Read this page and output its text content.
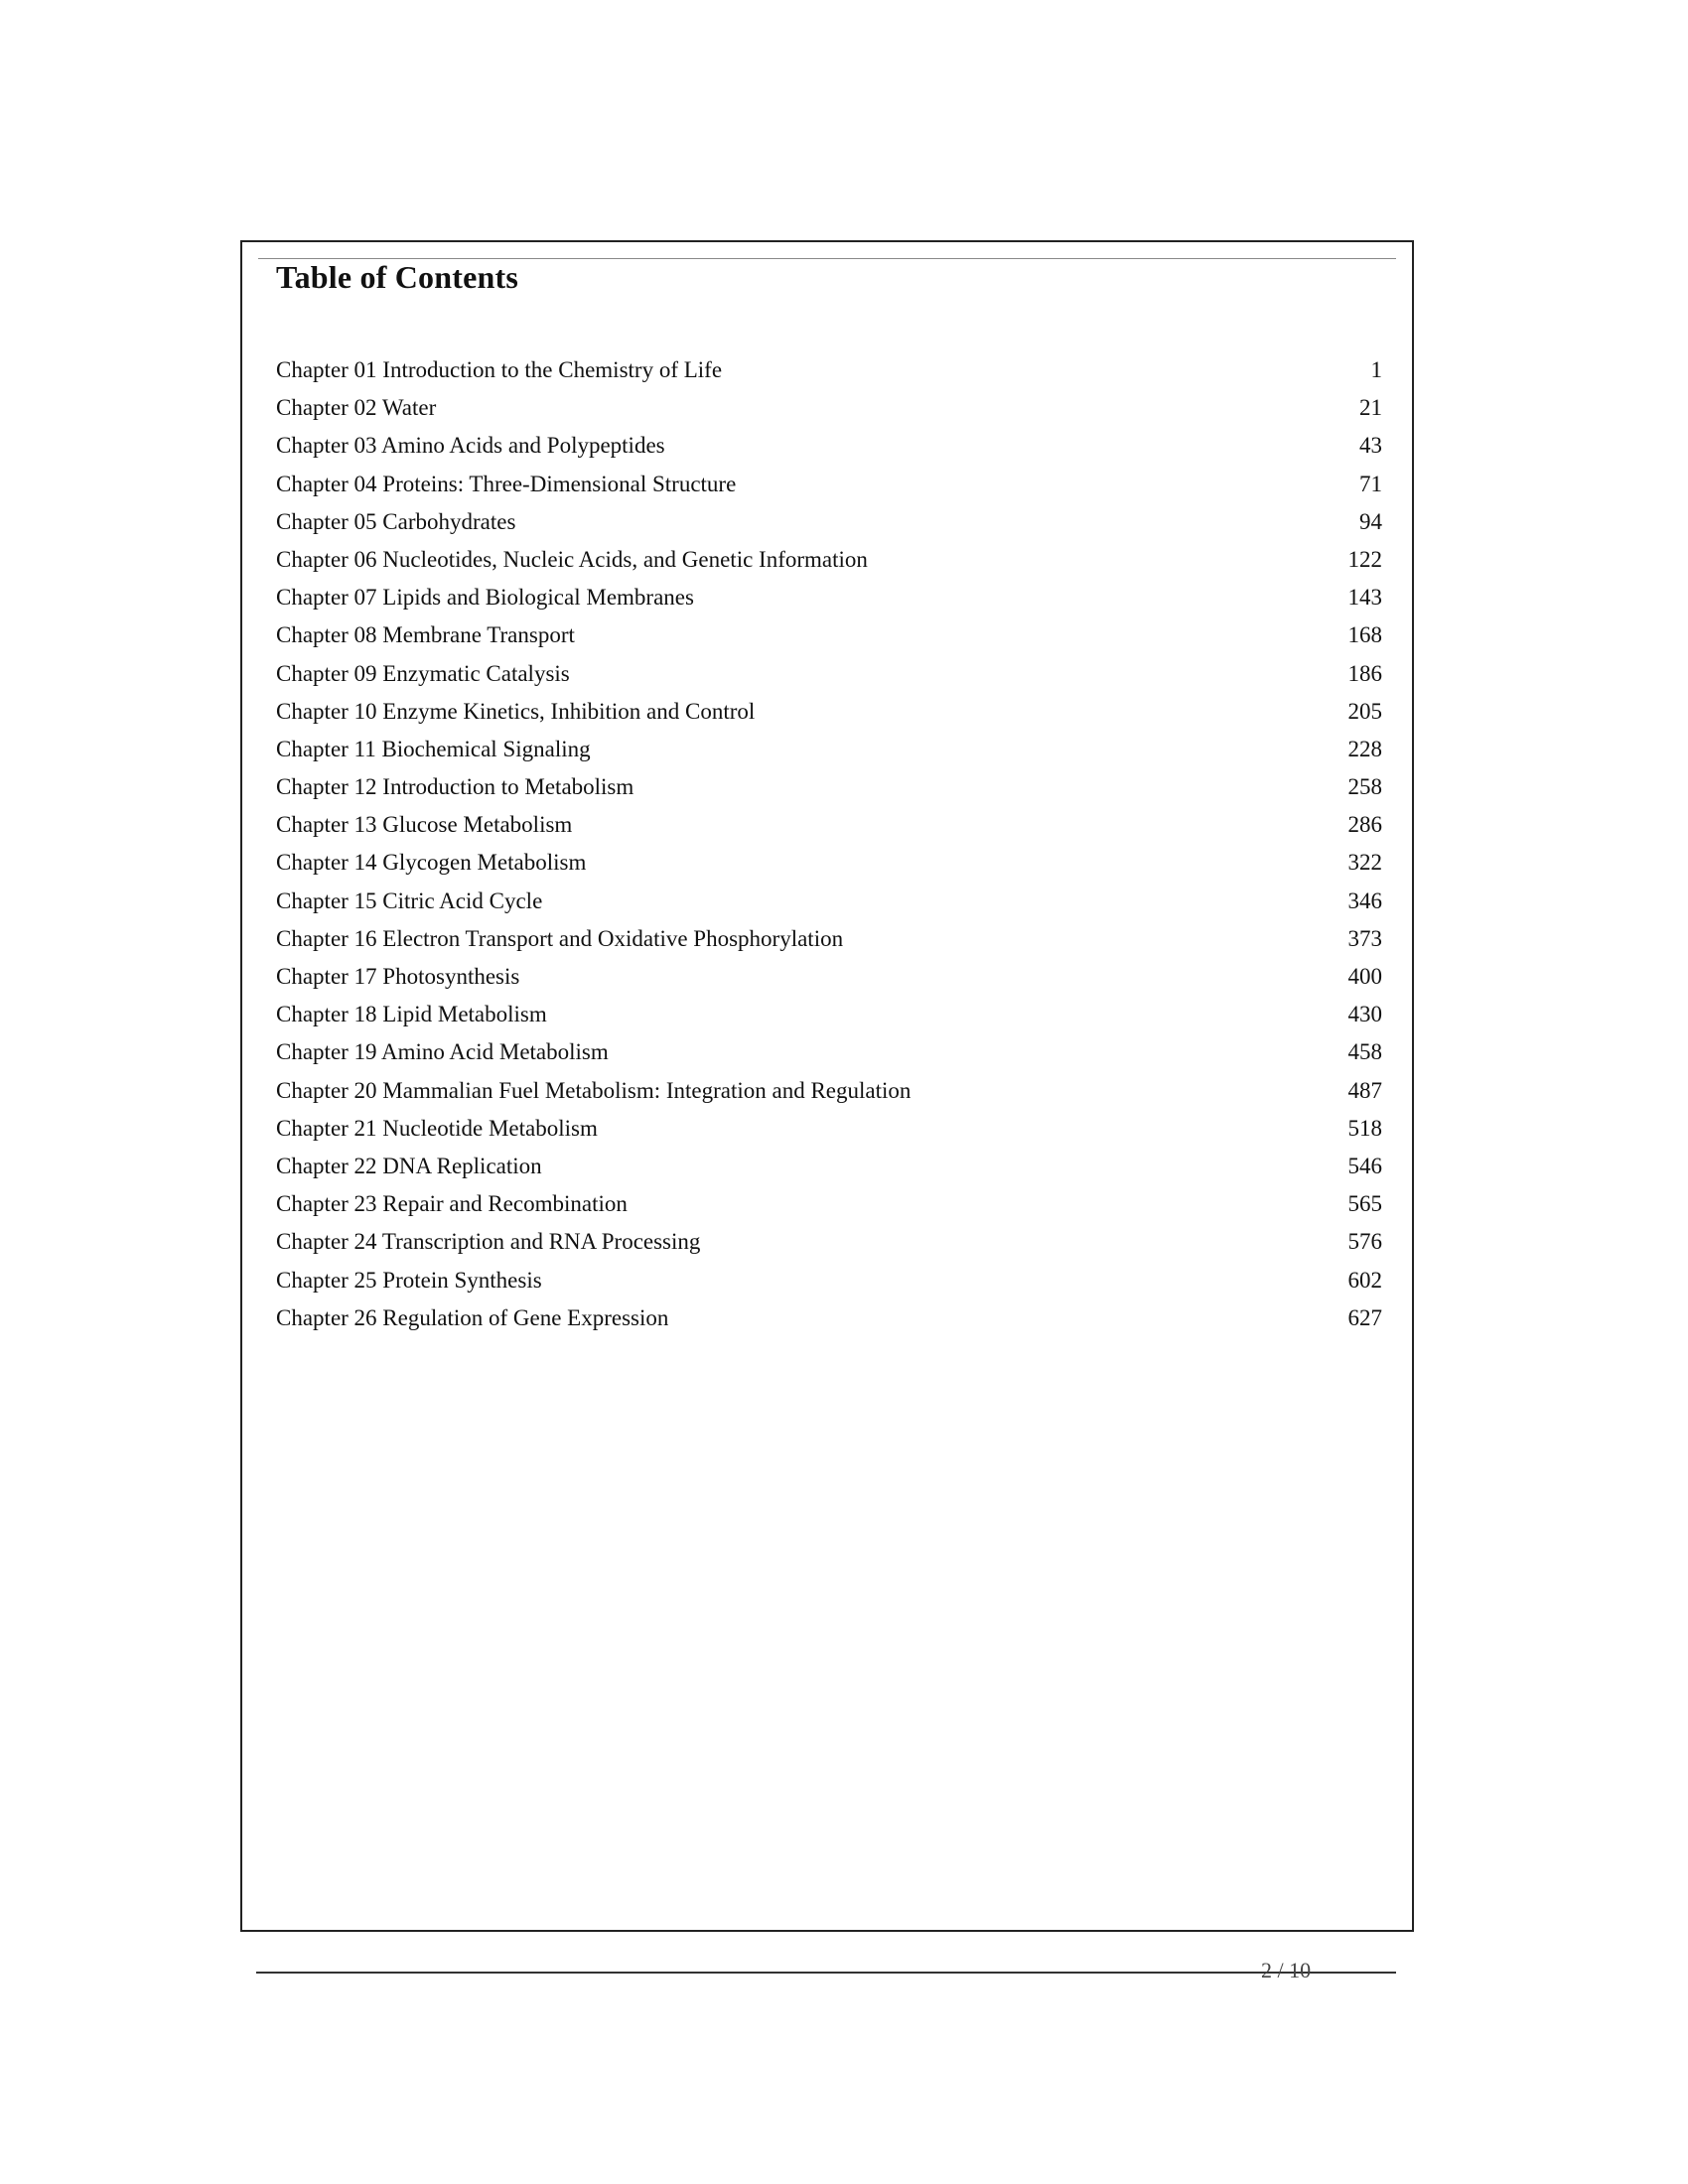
Table of Contents
Chapter 01 Introduction to the Chemistry of Life	1
Chapter 02 Water	21
Chapter 03 Amino Acids and Polypeptides	43
Chapter 04 Proteins: Three-Dimensional Structure	71
Chapter 05 Carbohydrates	94
Chapter 06 Nucleotides, Nucleic Acids, and Genetic Information	122
Chapter 07 Lipids and Biological Membranes	143
Chapter 08 Membrane Transport	168
Chapter 09 Enzymatic Catalysis	186
Chapter 10 Enzyme Kinetics, Inhibition and Control	205
Chapter 11 Biochemical Signaling	228
Chapter 12 Introduction to Metabolism	258
Chapter 13 Glucose Metabolism	286
Chapter 14 Glycogen Metabolism	322
Chapter 15 Citric Acid Cycle	346
Chapter 16 Electron Transport and Oxidative Phosphorylation	373
Chapter 17 Photosynthesis	400
Chapter 18 Lipid Metabolism	430
Chapter 19 Amino Acid Metabolism	458
Chapter 20 Mammalian Fuel Metabolism: Integration and Regulation	487
Chapter 21 Nucleotide Metabolism	518
Chapter 22 DNA Replication	546
Chapter 23 Repair and Recombination	565
Chapter 24 Transcription and RNA Processing	576
Chapter 25 Protein Synthesis	602
Chapter 26 Regulation of Gene Expression	627
2 / 10
